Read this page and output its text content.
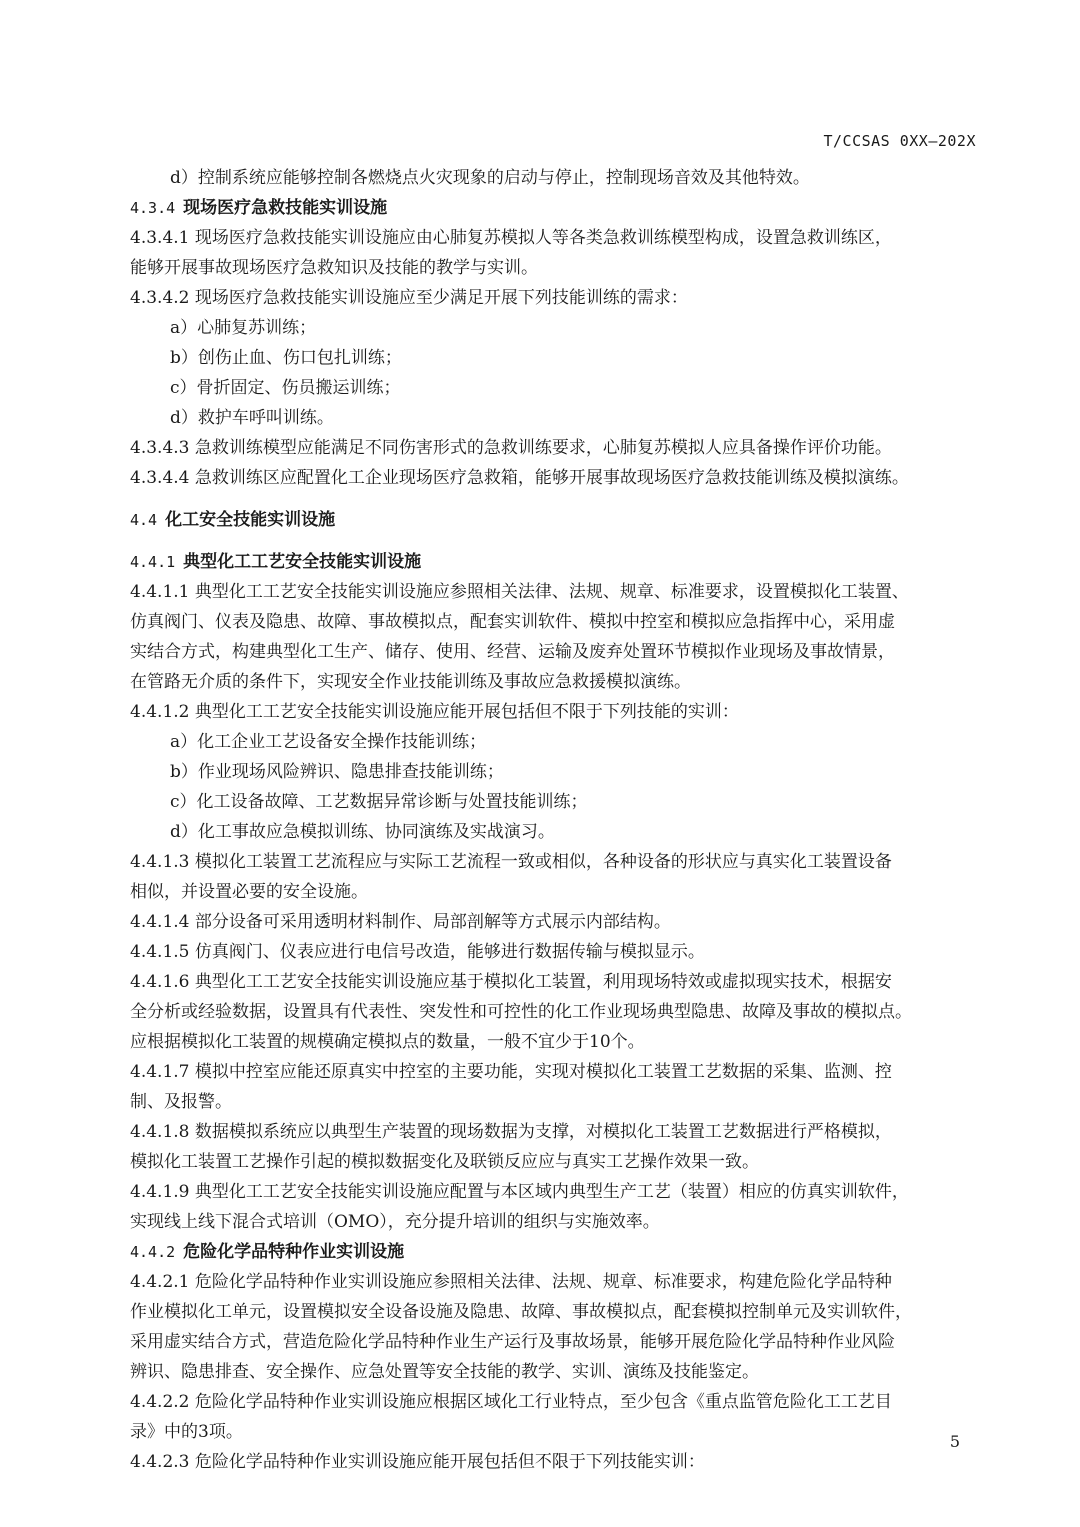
T/CCSAS 0XX—202X
d）控制系统应能够控制各燃烧点火灾现象的启动与停止，控制现场音效及其他特效。
4.3.4 现场医疗急救技能实训设施
4.3.4.1 现场医疗急救技能实训设施应由心肺复苏模拟人等各类急救训练模型构成，设置急救训练区，
能够开展事故现场医疗急救知识及技能的教学与实训。
4.3.4.2 现场医疗急救技能实训设施应至少满足开展下列技能训练的需求：
a）心肺复苏训练；
b）创伤止血、伤口包扎训练；
c）骨折固定、伤员搬运训练；
d）救护车呼叫训练。
4.3.4.3 急救训练模型应能满足不同伤害形式的急救训练要求，心肺复苏模拟人应具备操作评价功能。
4.3.4.4 急救训练区应配置化工企业现场医疗急救箱，能够开展事故现场医疗急救技能训练及模拟演练。
4.4 化工安全技能实训设施
4.4.1 典型化工工艺安全技能实训设施
4.4.1.1 典型化工工艺安全技能实训设施应参照相关法律、法规、规章、标准要求，设置模拟化工装置、
仿真阀门、仪表及隐患、故障、事故模拟点，配套实训软件、模拟中控室和模拟应急指挥中心，采用虚
实结合方式，构建典型化工生产、储存、使用、经营、运输及废弃处置环节模拟作业现场及事故情景，
在管路无介质的条件下，实现安全作业技能训练及事故应急救援模拟演练。
4.4.1.2 典型化工工艺安全技能实训设施应能开展包括但不限于下列技能的实训：
a）化工企业工艺设备安全操作技能训练；
b）作业现场风险辨识、隐患排查技能训练；
c）化工设备故障、工艺数据异常诊断与处置技能训练；
d）化工事故应急模拟训练、协同演练及实战演习。
4.4.1.3 模拟化工装置工艺流程应与实际工艺流程一致或相似，各种设备的形状应与真实化工装置设备
相似，并设置必要的安全设施。
4.4.1.4 部分设备可采用透明材料制作、局部剖解等方式展示内部结构。
4.4.1.5 仿真阀门、仪表应进行电信号改造，能够进行数据传输与模拟显示。
4.4.1.6 典型化工工艺安全技能实训设施应基于模拟化工装置，利用现场特效或虚拟现实技术，根据安
全分析或经验数据，设置具有代表性、突发性和可控性的化工作业现场典型隐患、故障及事故的模拟点。
应根据模拟化工装置的规模确定模拟点的数量，一般不宜少于10个。
4.4.1.7 模拟中控室应能还原真实中控室的主要功能，实现对模拟化工装置工艺数据的采集、监测、控
制、及报警。
4.4.1.8 数据模拟系统应以典型生产装置的现场数据为支撑，对模拟化工装置工艺数据进行严格模拟，
模拟化工装置工艺操作引起的模拟数据变化及联锁反应应与真实工艺操作效果一致。
4.4.1.9 典型化工工艺安全技能实训设施应配置与本区域内典型生产工艺（装置）相应的仿真实训软件，
实现线上线下混合式培训（OMO），充分提升培训的组织与实施效率。
4.4.2 危险化学品特种作业实训设施
4.4.2.1 危险化学品特种作业实训设施应参照相关法律、法规、规章、标准要求，构建危险化学品特种
作业模拟化工单元，设置模拟安全设备设施及隐患、故障、事故模拟点，配套模拟控制单元及实训软件，
采用虚实结合方式，营造危险化学品特种作业生产运行及事故场景，能够开展危险化学品特种作业风险
辨识、隐患排查、安全操作、应急处置等安全技能的教学、实训、演练及技能鉴定。
4.4.2.2 危险化学品特种作业实训设施应根据区域化工行业特点，至少包含《重点监管危险化工工艺目
录》中的3项。
4.4.2.3 危险化学品特种作业实训设施应能开展包括但不限于下列技能实训：
5
